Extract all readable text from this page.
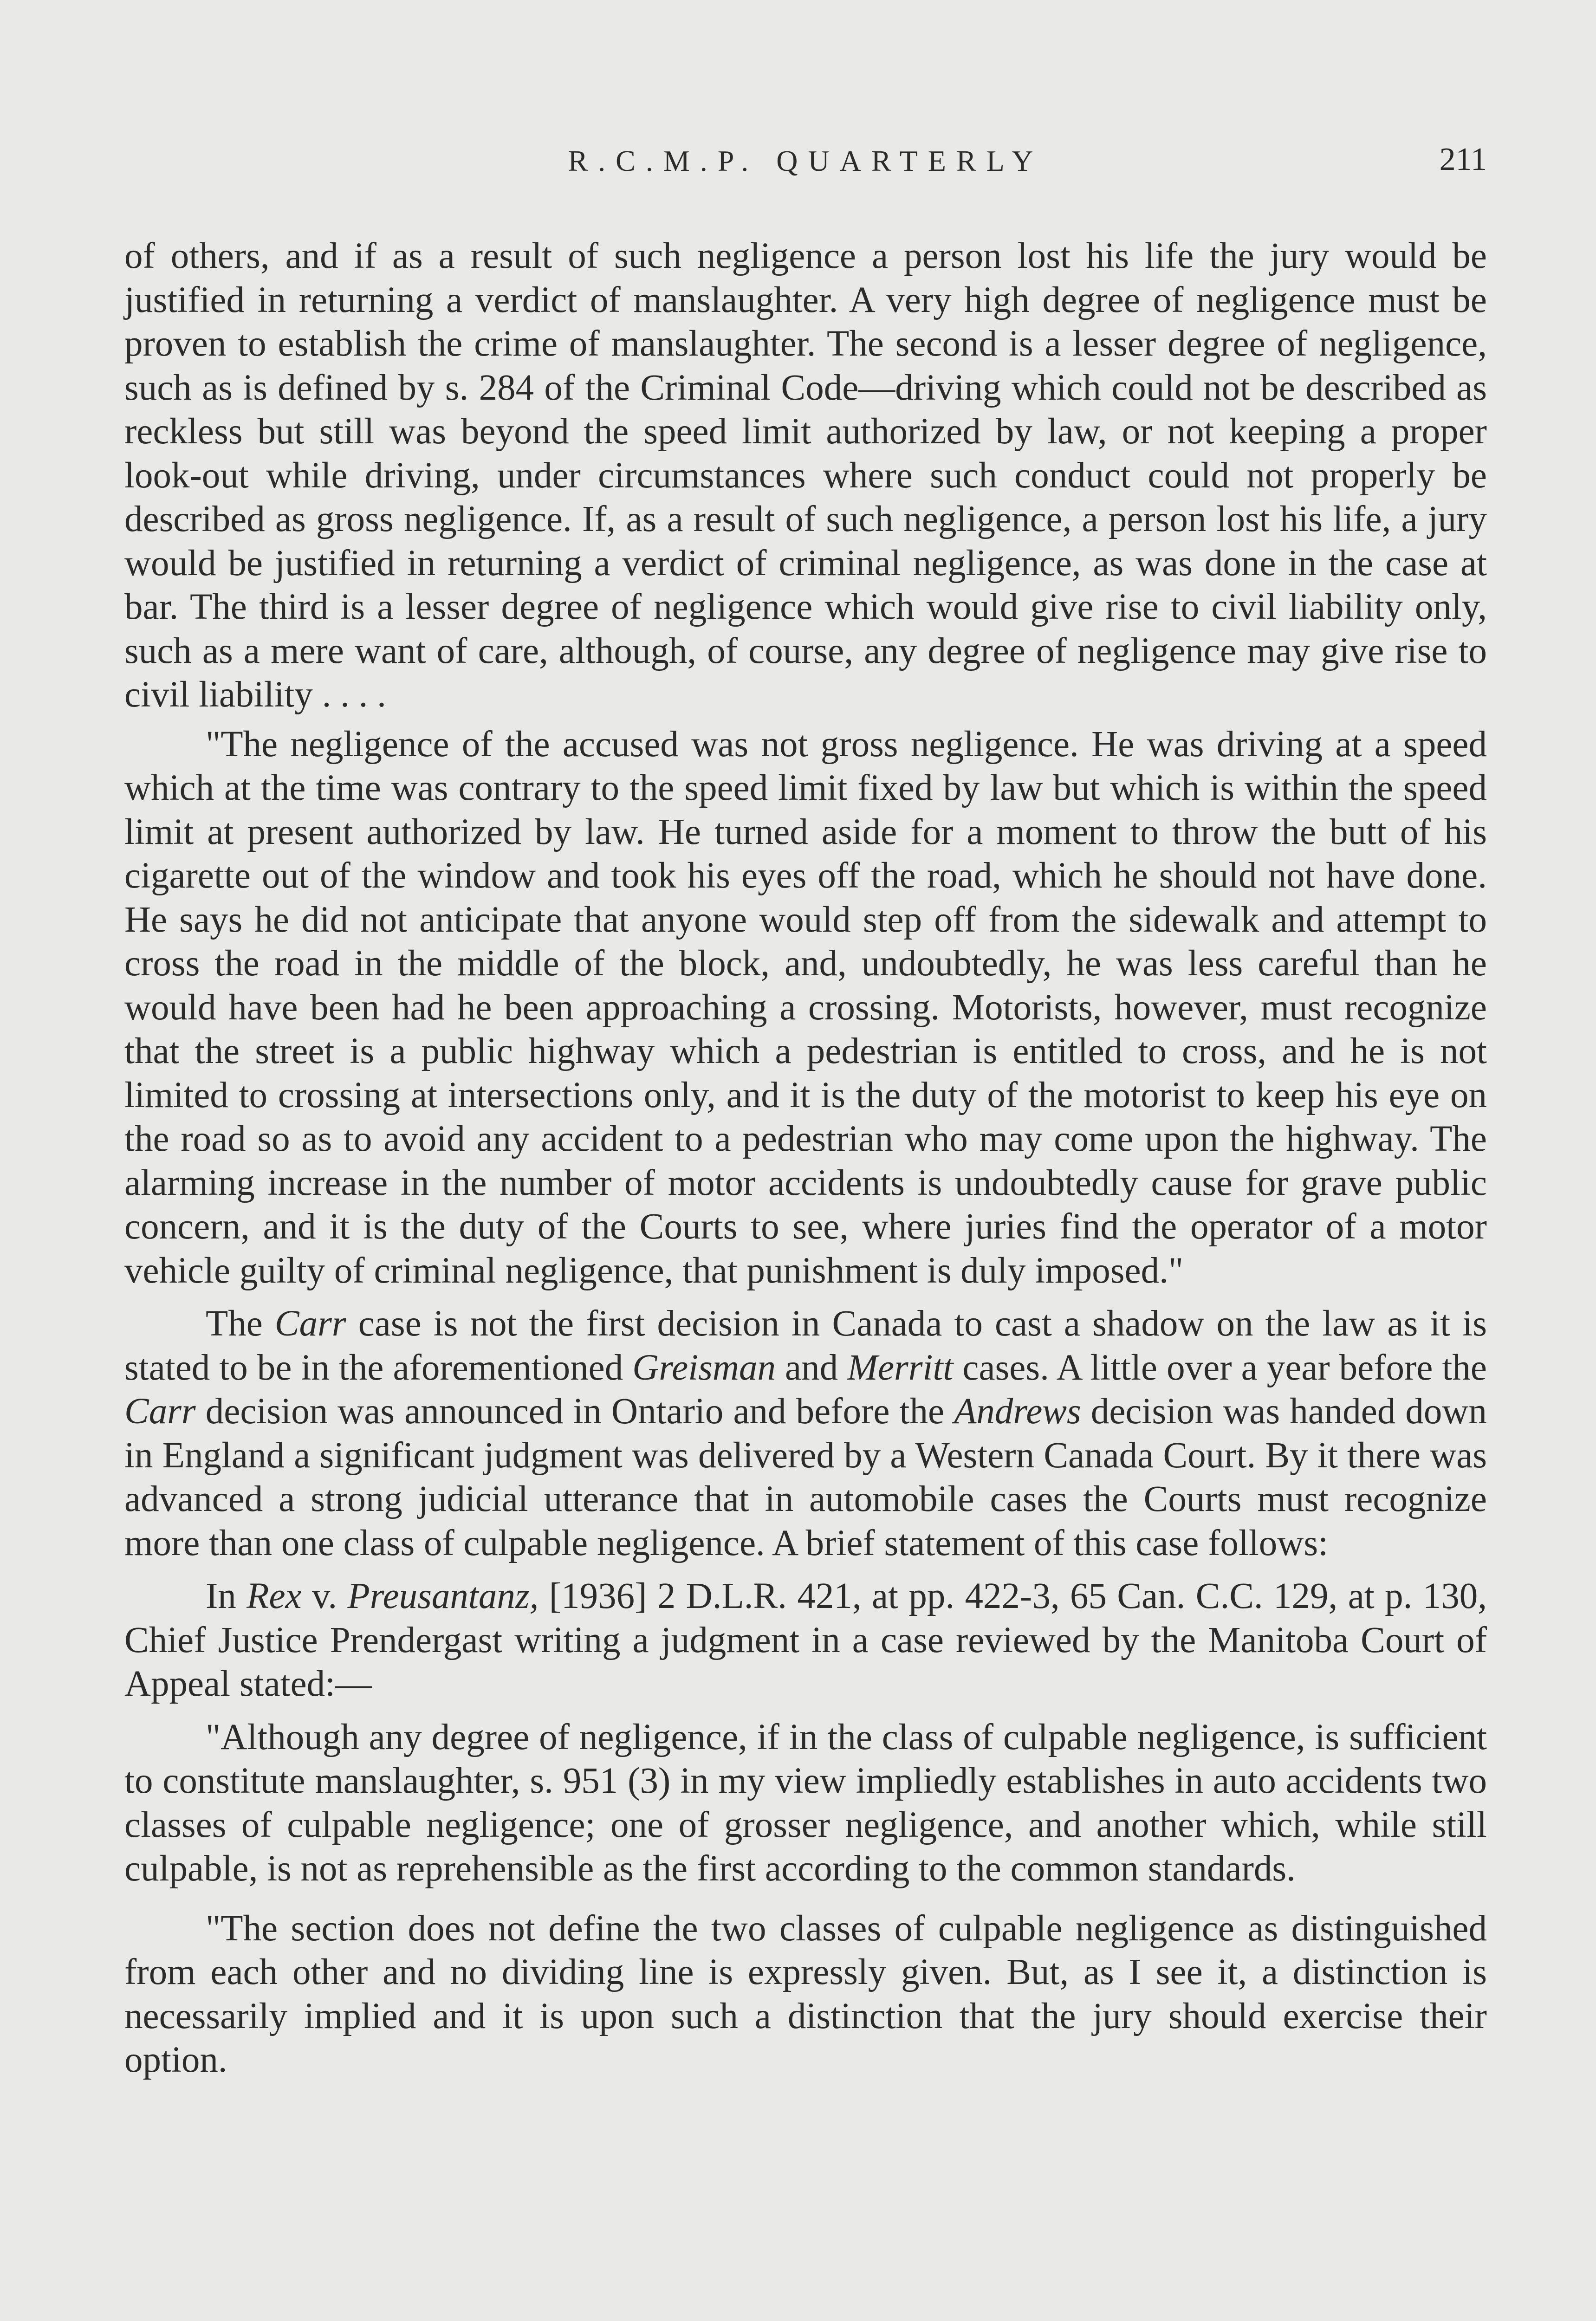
R.C.M.P. QUARTERLY	211

of others, and if as a result of such negligence a person lost his life the jury would be justified in returning a verdict of manslaughter. A very high degree of negligence must be proven to establish the crime of manslaughter. The second is a lesser degree of negligence, such as is defined by s. 284 of the Criminal Code—driving which could not be described as reckless but still was beyond the speed limit authorized by law, or not keeping a proper look-out while driving, under circumstances where such conduct could not properly be described as gross negligence. If, as a result of such negligence, a person lost his life, a jury would be justified in returning a verdict of criminal negligence, as was done in the case at bar. The third is a lesser degree of negligence which would give rise to civil liability only, such as a mere want of care, although, of course, any degree of negligence may give rise to civil liability . . . .

"The negligence of the accused was not gross negligence. He was driving at a speed which at the time was contrary to the speed limit fixed by law but which is within the speed limit at present authorized by law. He turned aside for a moment to throw the butt of his cigarette out of the window and took his eyes off the road, which he should not have done. He says he did not anticipate that anyone would step off from the sidewalk and attempt to cross the road in the middle of the block, and, undoubtedly, he was less careful than he would have been had he been approaching a crossing. Motorists, however, must recognize that the street is a public highway which a pedestrian is entitled to cross, and he is not limited to crossing at intersections only, and it is the duty of the motorist to keep his eye on the road so as to avoid any accident to a pedestrian who may come upon the highway. The alarming increase in the number of motor accidents is undoubtedly cause for grave public concern, and it is the duty of the Courts to see, where juries find the operator of a motor vehicle guilty of criminal negligence, that punishment is duly imposed."

The Carr case is not the first decision in Canada to cast a shadow on the law as it is stated to be in the aforementioned Greisman and Merritt cases. A little over a year before the Carr decision was announced in Ontario and before the Andrews decision was handed down in England a significant judgment was delivered by a Western Canada Court. By it there was advanced a strong judicial utterance that in automobile cases the Courts must recognize more than one class of culpable negligence. A brief statement of this case follows:

In Rex v. Preusantanz, [1936] 2 D.L.R. 421, at pp. 422-3, 65 Can. C.C. 129, at p. 130, Chief Justice Prendergast writing a judgment in a case reviewed by the Manitoba Court of Appeal stated:—

"Although any degree of negligence, if in the class of culpable negligence, is sufficient to constitute manslaughter, s. 951 (3) in my view impliedly establishes in auto accidents two classes of culpable negligence; one of grosser negligence, and another which, while still culpable, is not as reprehensible as the first according to the common standards.

"The section does not define the two classes of culpable negligence as distinguished from each other and no dividing line is expressly given. But, as I see it, a distinction is necessarily implied and it is upon such a distinction that the jury should exercise their option.
